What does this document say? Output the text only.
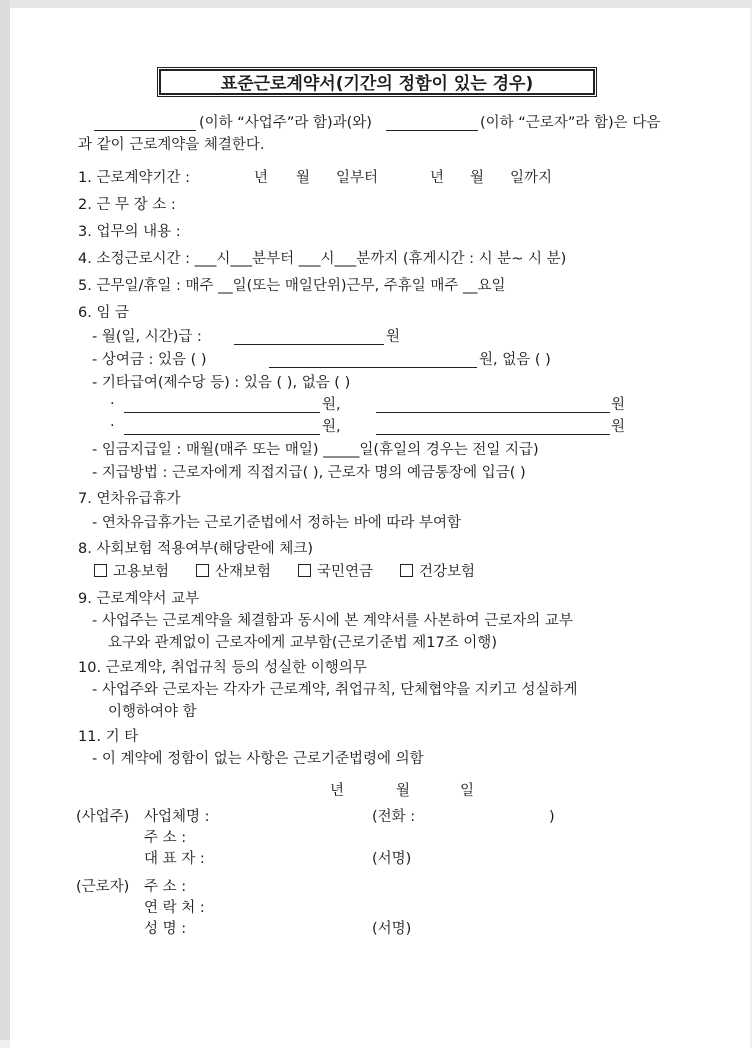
표준근로계약서(기간의 정함이 있는 경우)
(이하 “사업주”라 함)과(와)	(이하 “근로자”라 함)은 다음
과 같이 근로계약을 체결한다.
1. 근로계약기간 :	년 월 일부터	년 월 일까지
2. 근 무 장 소 :
3. 업무의 내용 :
4. 소정근로시간 : ___시___분부터 ___시___분까지 (휴게시간 : 시 분~ 시 분)
5. 근무일/휴일 : 매주 __일(또는 매일단위)근무, 주휴일 매주 __요일
6. 임 금
- 월(일, 시간)급 :	원
- 상여금 : 있음 ( )	원, 없음 ( )
- 기타급여(제수당 등) : 있음 ( ), 없음 ( )
·	원,	원
·	원,	원
- 임금지급일 : 매월(매주 또는 매일) _____일(휴일의 경우는 전일 지급)
- 지급방법 : 근로자에게 직접지급( ), 근로자 명의 예금통장에 입금( )
7. 연차유급휴가
- 연차유급휴가는 근로기준법에서 정하는 바에 따라 부여함
8. 사회보험 적용여부(해당란에 체크)
고용보험	산재보험	국민연금	건강보험
9. 근로계약서 교부
- 사업주는 근로계약을 체결함과 동시에 본 계약서를 사본하여 근로자의 교부
요구와 관계없이 근로자에게 교부함(근로기준법 제17조 이행)
10. 근로계약, 취업규칙 등의 성실한 이행의무
- 사업주와 근로자는 각자가 근로계약, 취업규칙, 단체협약을 지키고 성실하게
이행하여야 함
11. 기 타
- 이 계약에 정함이 없는 사항은 근로기준법령에 의함
년	월	일
(사업주) 사업체명 :	(전화 :	)
주 소 :
대 표 자 :	(서명)
(근로자) 주 소 :
연 락 처 :
성 명 :	(서명)
